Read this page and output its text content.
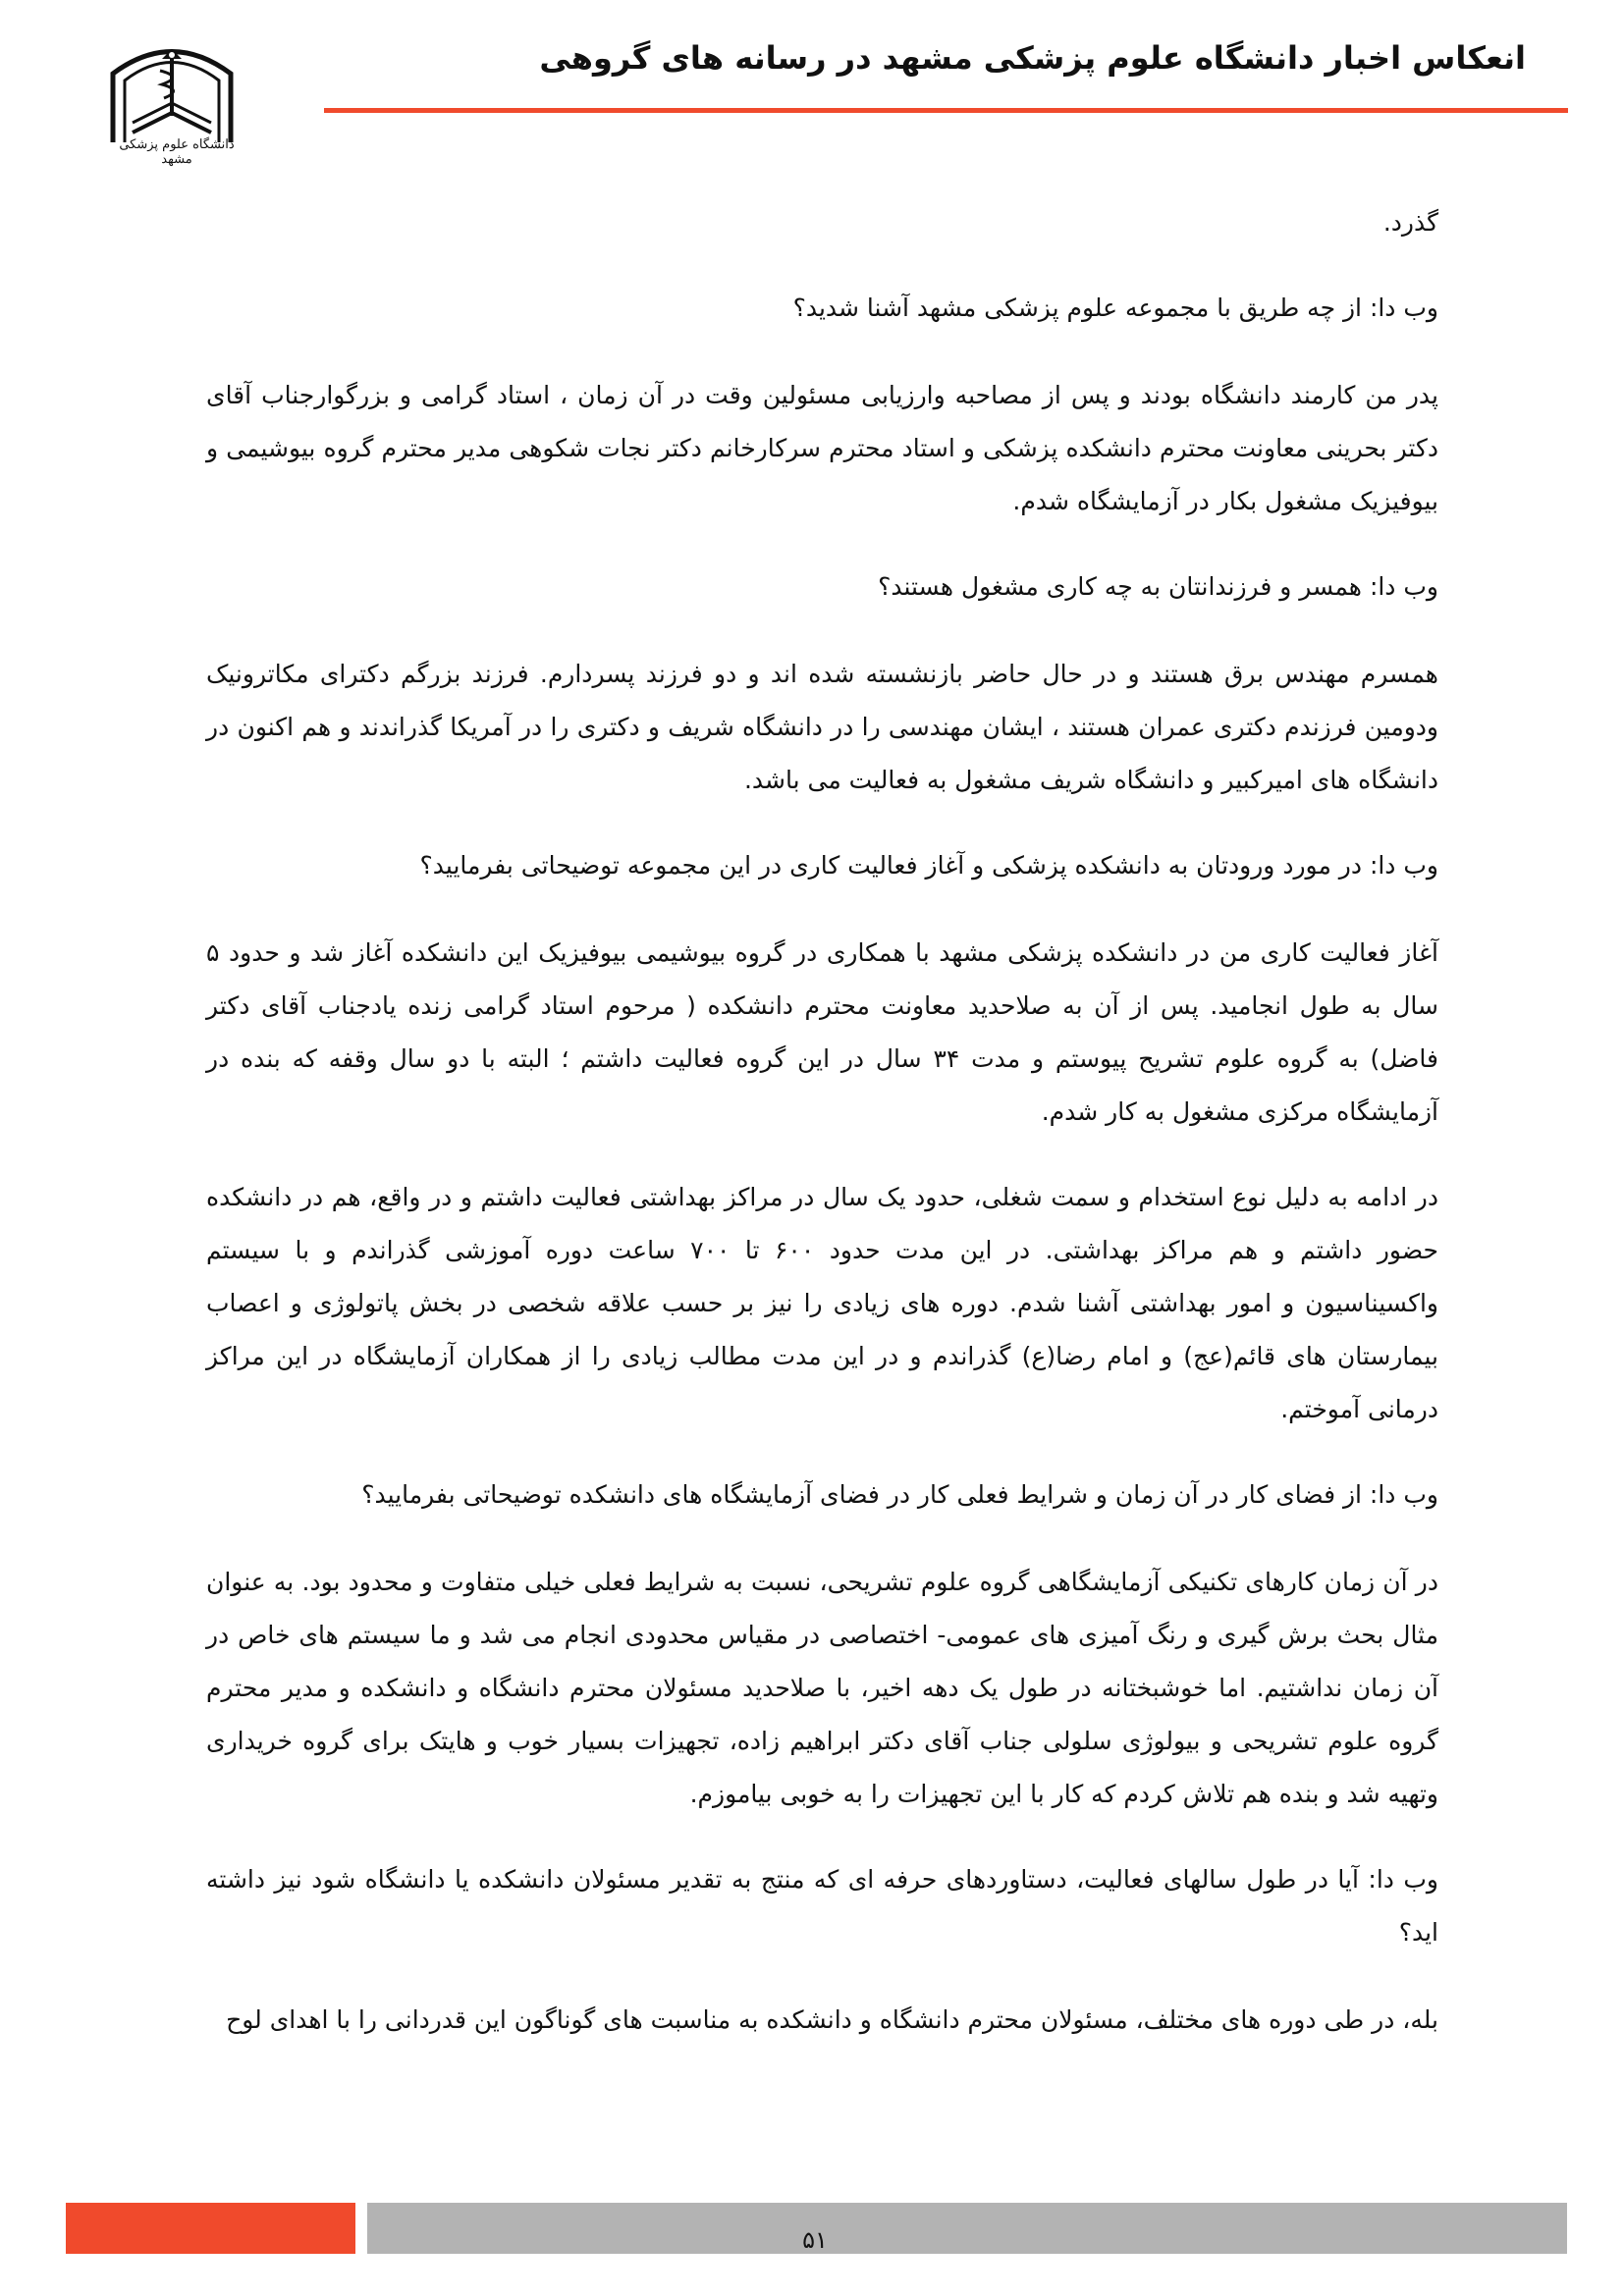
انعکاس اخبار دانشگاه علوم پزشکی مشهد در رسانه های گروهی
دانشگاه علوم پزشکی مشهد

گذرد.

وب دا: از چه طریق با مجموعه علوم پزشکی مشهد آشنا شدید؟

پدر من کارمند دانشگاه بودند و پس از مصاحبه وارزیابی مسئولین وقت در آن زمان ، استاد گرامی و بزرگوارجناب آقای دکتر بحرینی معاونت محترم دانشکده پزشکی و استاد محترم سرکارخانم دکتر نجات شکوهی مدیر محترم گروه بیوشیمی و بیوفیزیک مشغول بکار در آزمایشگاه شدم.

وب دا: همسر و فرزندانتان به چه کاری مشغول هستند؟

همسرم مهندس برق هستند و در حال حاضر بازنشسته شده اند و دو فرزند پسردارم. فرزند بزرگم دکترای مکاترونیک ودومین فرزندم دکتری عمران هستند ، ایشان مهندسی را در دانشگاه شریف و دکتری را در آمریکا گذراندند و هم اکنون در دانشگاه های امیرکبیر و دانشگاه شریف مشغول به فعالیت می باشد.

وب دا: در مورد ورودتان به دانشکده پزشکی و آغاز فعالیت کاری در این مجموعه توضیحاتی بفرمایید؟

آغاز فعالیت کاری من در دانشکده پزشکی مشهد با همکاری در گروه بیوشیمی بیوفیزیک این دانشکده آغاز شد و حدود ۵ سال به طول انجامید. پس از آن به صلاحدید معاونت محترم دانشکده ( مرحوم استاد گرامی زنده یادجناب آقای دکتر فاضل) به گروه علوم تشریح پیوستم و مدت ۳۴ سال در این گروه فعالیت داشتم ؛ البته با دو سال وقفه که بنده در آزمایشگاه مرکزی مشغول به کار شدم.

در ادامه به دلیل نوع استخدام و سمت شغلی، حدود یک سال در مراکز بهداشتی فعالیت داشتم و در واقع، هم در دانشکده حضور داشتم و هم مراکز بهداشتی. در این مدت حدود ۶۰۰ تا ۷۰۰ ساعت دوره آموزشی گذراندم و با سیستم واکسیناسیون و امور بهداشتی آشنا شدم. دوره های زیادی را نیز بر حسب علاقه شخصی در بخش پاتولوژی و اعصاب بیمارستان های قائم(عج) و امام رضا(ع) گذراندم و در این مدت مطالب زیادی را از همکاران آزمایشگاه در این مراکز درمانی آموختم.

وب دا: از فضای کار در آن زمان و شرایط فعلی کار در فضای آزمایشگاه های دانشکده توضیحاتی بفرمایید؟

در آن زمان کارهای تکنیکی آزمایشگاهی گروه علوم تشریحی، نسبت به شرایط فعلی خیلی متفاوت و محدود بود. به عنوان مثال بحث برش گیری و رنگ آمیزی های عمومی- اختصاصی در مقیاس محدودی انجام می شد و ما سیستم های خاص در آن زمان نداشتیم. اما خوشبختانه در طول یک دهه اخیر، با صلاحدید مسئولان محترم دانشگاه و دانشکده و مدیر محترم گروه علوم تشریحی و بیولوژی سلولی جناب آقای دکتر ابراهیم زاده، تجهیزات بسیار خوب و هایتک برای گروه خریداری وتهیه شد و بنده هم تلاش کردم که کار با این تجهیزات را به خوبی بیاموزم.

وب دا: آیا در طول سالهای فعالیت، دستاوردهای حرفه ای که منتج به تقدیر مسئولان دانشکده یا دانشگاه شود نیز داشته اید؟

بله، در طی دوره های مختلف، مسئولان محترم دانشگاه و دانشکده به مناسبت های گوناگون این قدردانی را با اهدای لوح

۵۱
